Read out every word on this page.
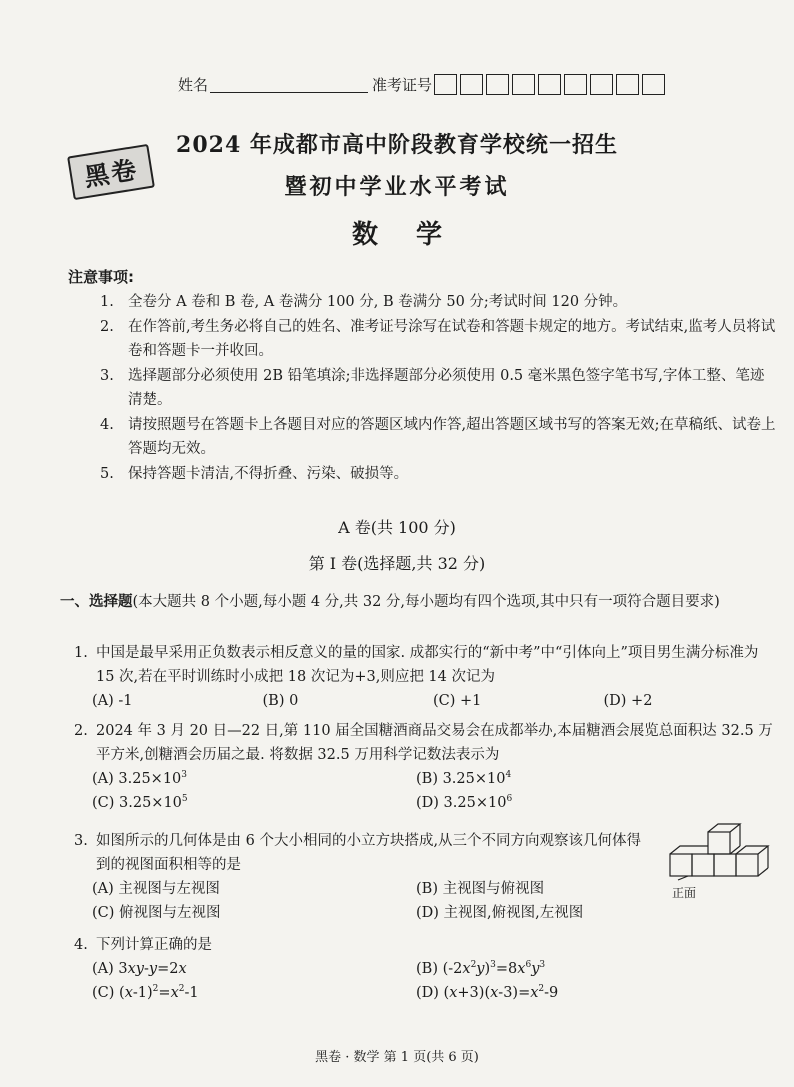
姓名	准考证号
黑卷
2024 年成都市高中阶段教育学校统一招生
暨初中学业水平考试
数学
注意事项:
1. 全卷分 A 卷和 B 卷, A 卷满分 100 分, B 卷满分 50 分;考试时间 120 分钟。
2. 在作答前,考生务必将自己的姓名、准考证号涂写在试卷和答题卡规定的地方。考试结束,监考人员将试卷和答题卡一并收回。
3. 选择题部分必须使用 2B 铅笔填涂;非选择题部分必须使用 0.5 毫米黑色签字笔书写,字体工整、笔迹清楚。
4. 请按照题号在答题卡上各题目对应的答题区域内作答,超出答题区域书写的答案无效;在草稿纸、试卷上答题均无效。
5. 保持答题卡清洁,不得折叠、污染、破损等。
A 卷(共 100 分)
第 Ⅰ 卷(选择题,共 32 分)
一、选择题(本大题共 8 个小题,每小题 4 分,共 32 分,每小题均有四个选项,其中只有一项符合题目要求)
1. 中国是最早采用正负数表示相反意义的量的国家. 成都实行的“新中考”中“引体向上”项目男生满分标准为 15 次,若在平时训练时小成把 18 次记为+3,则应把 14 次记为
(A) -1	(B) 0	(C) +1	(D) +2
2. 2024 年 3 月 20 日—22 日,第 110 届全国糖酒商品交易会在成都举办,本届糖酒会展览总面积达 32.5 万平方米,创糖酒会历届之最. 将数据 32.5 万用科学记数法表示为
(A) $3.25\times 10^3$	(B) $3.25\times 10^4$
(C) $3.25\times 10^5$	(D) $3.25\times 10^6$
3. 如图所示的几何体是由 6 个大小相同的小立方块搭成,从三个不同方向观察该几何体得到的视图面积相等的是
(A) 主视图与左视图	(B) 主视图与俯视图
(C) 俯视图与左视图	(D) 主视图,俯视图,左视图
正面
4. 下列计算正确的是
(A) 3xy-y=2x	(B) $(-2x^2y)^3=8x^6y^3$
(C) $(x-1)^2=x^2-1$	(D) $(x+3)(x-3)=x^2-9$
黑卷 · 数学 第 1 页(共 6 页)
